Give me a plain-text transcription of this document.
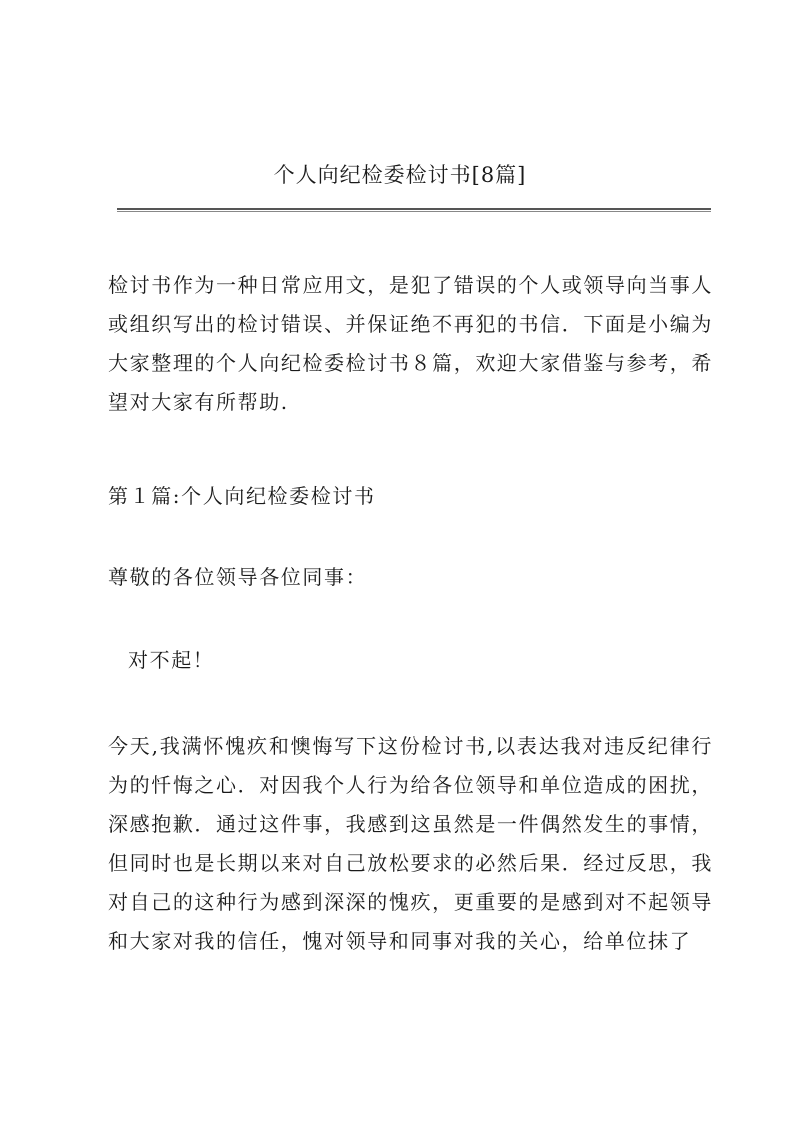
个人向纪检委检讨书[8篇]
检讨书作为一种日常应用文，是犯了错误的个人或领导向当事人
或组织写出的检讨错误、并保证绝不再犯的书信．下面是小编为
大家整理的个人向纪检委检讨书８篇，欢迎大家借鉴与参考，希
望对大家有所帮助.
第１篇:个人向纪检委检讨书
尊敬的各位领导各位同事：
对不起！
今天,我满怀愧疚和懊悔写下这份检讨书,以表达我对违反纪律行
为的忏悔之心．对因我个人行为给各位领导和单位造成的困扰，
深感抱歉．通过这件事，我感到这虽然是一件偶然发生的事情，
但同时也是长期以来对自己放松要求的必然后果．经过反思，我
对自己的这种行为感到深深的愧疚，更重要的是感到对不起领导
和大家对我的信任，愧对领导和同事对我的关心，给单位抹了
